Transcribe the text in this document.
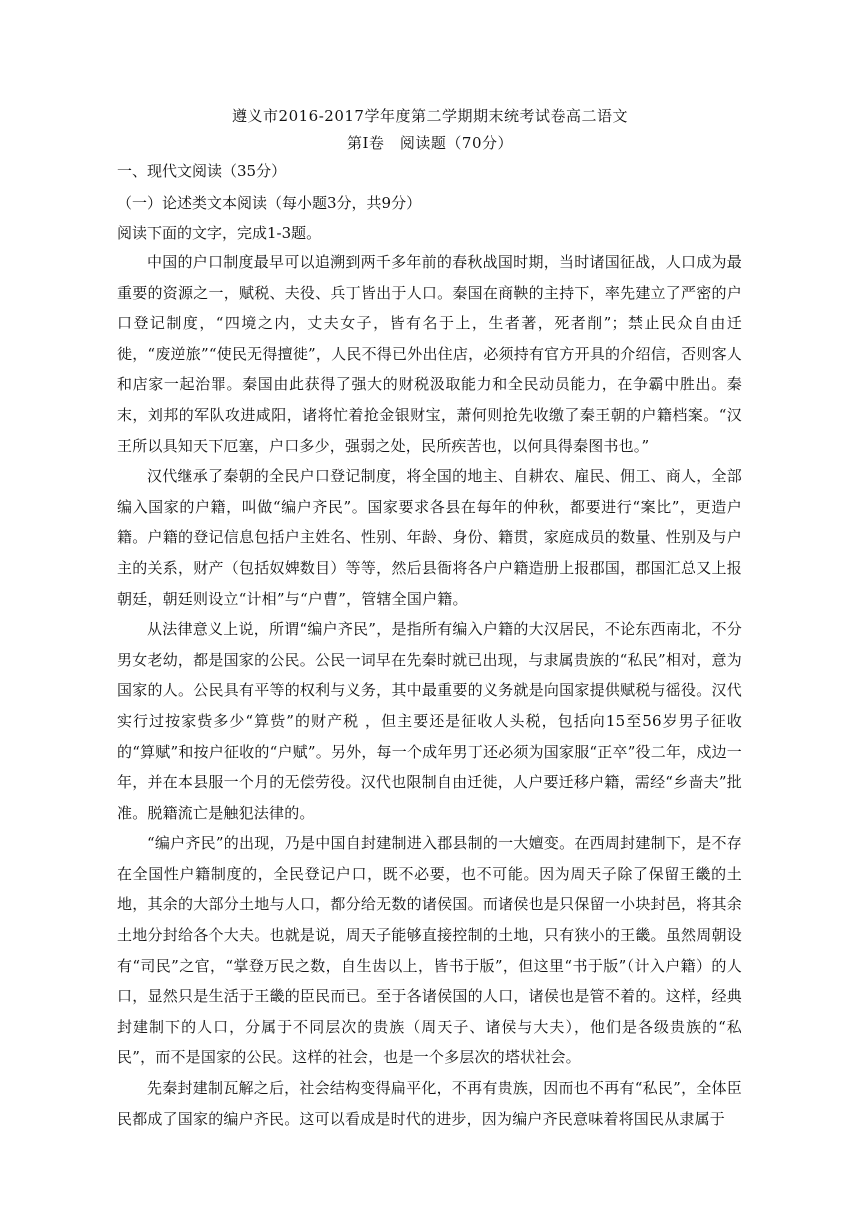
遵义市2016-2017学年度第二学期期末统考试卷高二语文
第Ⅰ卷　阅读题（70分）
一、现代文阅读（35分）
（一）论述类文本阅读（每小题3分，共9分）
阅读下面的文字，完成1-3题。

中国的户口制度最早可以追溯到两千多年前的春秋战国时期，当时诸国征战，人口成为最重要的资源之一，赋税、夫役、兵丁皆出于人口。秦国在商鞅的主持下，率先建立了严密的户口登记制度，“四境之内，丈夫女子，皆有名于上，生者著，死者削”；禁止民众自由迁徙，“废逆旅”“使民无得擅徙”，人民不得已外出住店，必须持有官方开具的介绍信，否则客人和店家一起治罪。秦国由此获得了强大的财税汲取能力和全民动员能力，在争霸中胜出。秦末，刘邦的军队攻进咸阳，诸将忙着抢金银财宝，萧何则抢先收缴了秦王朝的户籍档案。“汉王所以具知天下厄塞，户口多少，强弱之处，民所疾苦也，以何具得秦图书也。”

汉代继承了秦朝的全民户口登记制度，将全国的地主、自耕农、雇民、佣工、商人，全部编入国家的户籍，叫做“编户齐民”。国家要求各县在每年的仲秋，都要进行“案比”，更造户籍。户籍的登记信息包括户主姓名、性别、年龄、身份、籍贯，家庭成员的数量、性别及与户主的关系，财产（包括奴婢数目）等等，然后县衙将各户户籍造册上报郡国，郡国汇总又上报朝廷，朝廷则设立“计相”与“户曹”，管辖全国户籍。

从法律意义上说，所谓“编户齐民”，是指所有编入户籍的大汉居民，不论东西南北，不分男女老幼，都是国家的公民。公民一词早在先秦时就已出现，与隶属贵族的“私民”相对，意为国家的人。公民具有平等的权利与义务，其中最重要的义务就是向国家提供赋税与徭役。汉代实行过按家赀多少“算赀”的财产税 ，但主要还是征收人头税，包括向15至56岁男子征收的“算赋”和按户征收的“户赋”。另外，每一个成年男丁还必须为国家服“正卒”役二年，戍边一年，并在本县服一个月的无偿劳役。汉代也限制自由迁徙，人户要迁移户籍，需经“乡啬夫”批准。脱籍流亡是触犯法律的。

“编户齐民”的出现，乃是中国自封建制进入郡县制的一大嬗变。在西周封建制下，是不存在全国性户籍制度的，全民登记户口，既不必要，也不可能。因为周天子除了保留王畿的土地，其余的大部分土地与人口，都分给无数的诸侯国。而诸侯也是只保留一小块封邑，将其余土地分封给各个大夫。也就是说，周天子能够直接控制的土地，只有狭小的王畿。虽然周朝设有“司民”之官，“掌登万民之数，自生齿以上，皆书于版”，但这里“书于版”（计入户籍）的人口，显然只是生活于王畿的臣民而已。至于各诸侯国的人口，诸侯也是管不着的。这样，经典封建制下的人口，分属于不同层次的贵族（周天子、诸侯与大夫），他们是各级贵族的“私民”，而不是国家的公民。这样的社会，也是一个多层次的塔状社会。

先秦封建制瓦解之后，社会结构变得扁平化，不再有贵族，因而也不再有“私民”，全体臣民都成了国家的编户齐民。这可以看成是时代的进步，因为编户齐民意味着将国民从隶属于
